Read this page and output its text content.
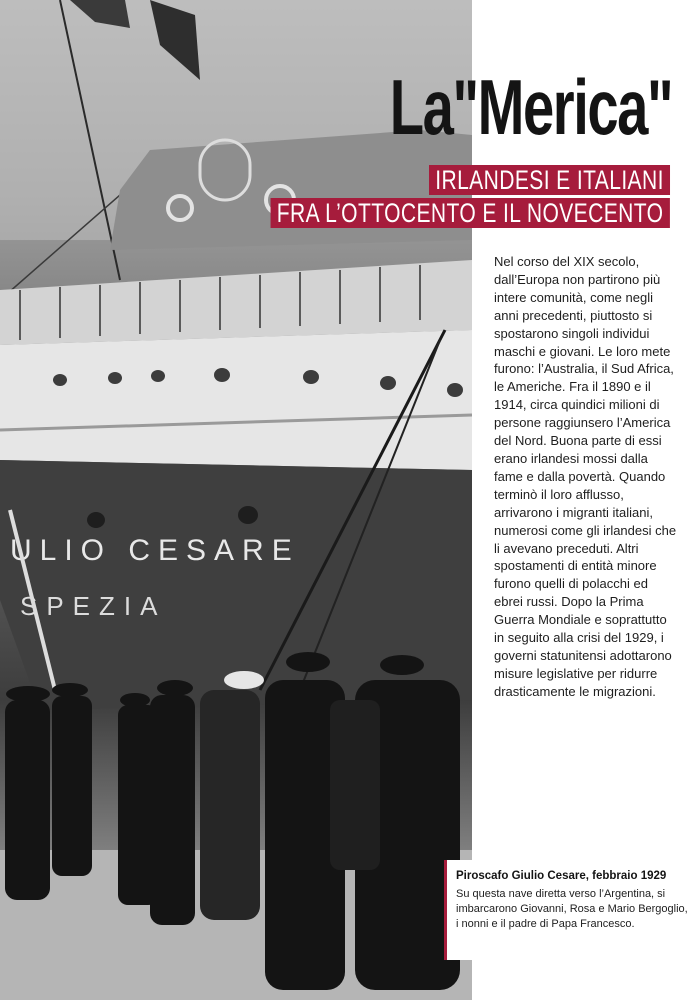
ULIO CESARE
SPEZIA
La"Merica"
IRLANDESI E ITALIANI
FRA L’OTTOCENTO E IL NOVECENTO

Nel corso del XIX secolo, dall’Europa non partirono più intere comunità, come negli anni precedenti, piuttosto si spostarono singoli individui maschi e giovani. Le loro mete furono: l’Australia, il Sud Africa, le Americhe. Fra il 1890 e il 1914, circa quindici milioni di persone raggiunsero l’America del Nord. Buona parte di essi erano irlandesi mossi dalla fame e dalla povertà. Quando terminò il loro afflusso, arrivarono i migranti italiani, numerosi come gli irlandesi che li avevano preceduti. Altri spostamenti di entità minore furono quelli di polacchi ed ebrei russi. Dopo la Prima Guerra Mondiale e soprattutto in seguito alla crisi del 1929, i governi statunitensi adottarono misure legislative per ridurre drasticamente le migrazioni.

Piroscafo Giulio Cesare, febbraio 1929
Su questa nave diretta verso l’Argentina, si imbarcarono Giovanni, Rosa e Mario Bergoglio, i nonni e il padre di Papa Francesco.
